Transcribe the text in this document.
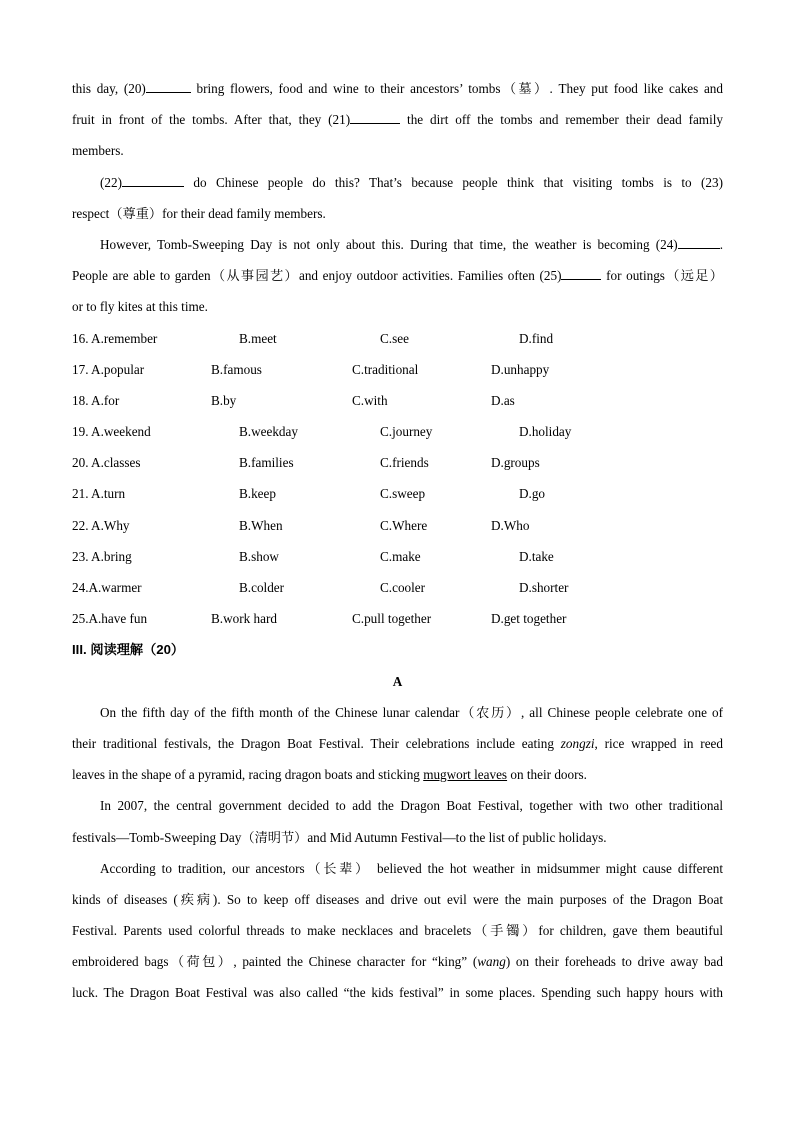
this day, (20)	bring flowers, food and wine to their ancestors’ tombs（墓）. They put food like cakes and
fruit in front of the tombs. After that, they (21)	the dirt off the tombs and remember their dead family
members.
(22)	do Chinese people do this? That’s because people think that visiting tombs is to (23)
respect（尊重）for their dead family members.
However, Tomb-Sweeping Day is not only about this. During that time, the weather is becoming (24)	.
People are able to garden（从事园艺）and enjoy outdoor activities. Families often (25)	for outings（远足）
or to fly kites at this time.
16. A.remember	B.meet	C.see	D.find
17. A.popular	B.famous	C.traditional	D.unhappy
18. A.for	B.by	C.with	D.as
19. A.weekend	B.weekday	C.journey	D.holiday
20. A.classes	B.families	C.friends	D.groups
21. A.turn	B.keep	C.sweep	D.go
22. A.Why	B.When	C.Where	D.Who
23. A.bring	B.show	C.make	D.take
24.A.warmer	B.colder	C.cooler	D.shorter
25.A.have fun	B.work hard	C.pull together	D.get together
III. 阅读理解（20）
A
On the fifth day of the fifth month of the Chinese lunar calendar（农历）, all Chinese people celebrate one of
their traditional festivals, the Dragon Boat Festival. Their celebrations include eating zongzi, rice wrapped in reed
leaves in the shape of a pyramid, racing dragon boats and sticking mugwort leaves on their doors.
In 2007, the central government decided to add the Dragon Boat Festival, together with two other traditional
festivals—Tomb-Sweeping Day（清明节）and Mid Autumn Festival—to the list of public holidays.
According to tradition, our ancestors（长辈） believed the hot weather in midsummer might cause different
kinds of diseases (疾病). So to keep off diseases and drive out evil were the main purposes of the Dragon Boat
Festival. Parents used colorful threads to make necklaces and bracelets（手镯）for children, gave them beautiful
embroidered bags（荷包）, painted the Chinese character for “king” (wang) on their foreheads to drive away bad
luck. The Dragon Boat Festival was also called “the kids festival” in some places. Spending such happy hours with
